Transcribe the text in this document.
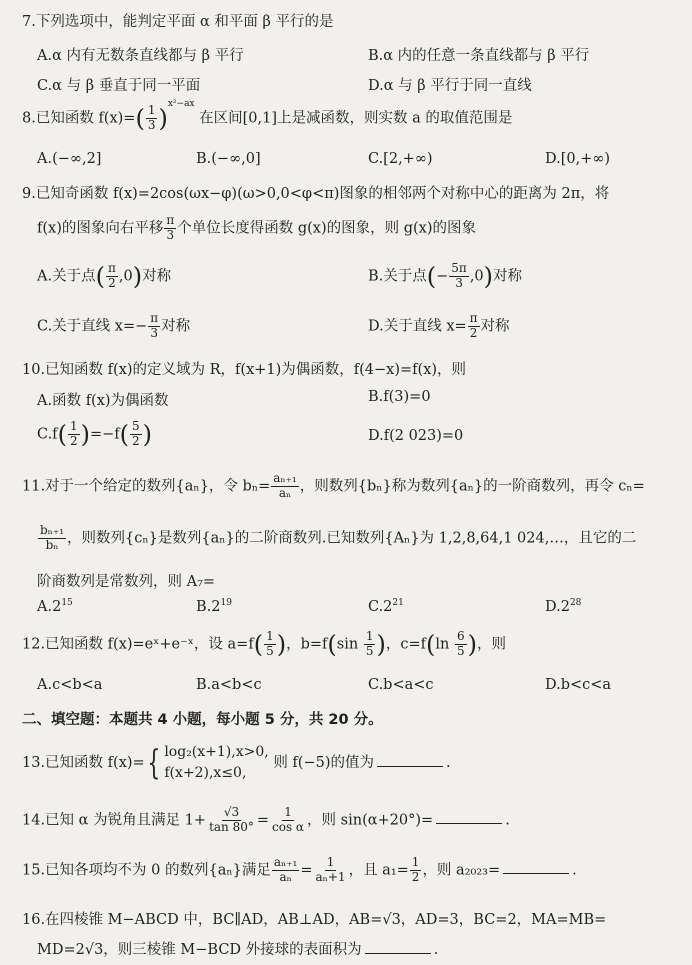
7.下列选项中，能判定平面 α 和平面 β 平行的是
A.α 内有无数条直线都与 β 平行	B.α 内的任意一条直线都与 β 平行
C.α 与 β 垂直于同一平面	D.α 与 β 平行于同一直线
8.已知函数 $f(x)=( \frac{1}{3} )^{x^2-ax}$ 在区间[0,1]上是减函数，则实数 a 的取值范围是
A.(−∞,2]	B.(−∞,0]	C.[2,+∞)	D.[0,+∞)
9.已知奇函数 f(x)=2cos(ωx−φ)(ω>0,0<φ<π)图象的相邻两个对称中心的距离为 2π，将
f(x)的图象向右平移 $\frac{\pi}{3}$ 个单位长度得函数 g(x)的图象，则 g(x)的图象
A.关于点( $\frac{\pi}{2} ,0$)对称	B.关于点(− $\frac{5\pi}{3} ,0$)对称
C.关于直线 $x=- \frac{\pi}{3}$ 对称	D.关于直线 $x= \frac{\pi}{2}$ 对称
10.已知函数 f(x)的定义域为 R，f(x+1)为偶函数，f(4−x)=f(x)，则
A.函数 f(x)为偶函数	B.f(3)=0
$C.f( \frac{1}{2} )=-f( \frac{5}{2}$ )	D.f(2 023)=0
11.对于一个给定的数列{aₙ}，令 $b_n= \frac{\text{aₙ₊₁}}{\text{aₙ}}$ ，则数列{bₙ}称为数列{aₙ}的一阶商数列，再令 cₙ=
$\frac{\text{bₙ₊₁}}{\text{bₙ}}$ ，则数列{cₙ}是数列{aₙ}的二阶商数列.已知数列{Aₙ}为 1,2,8,64,1 024,…，且它的二
阶商数列是常数列，则 A₇=
$A.2^{15}$	$B.2^{19}$	$C.2^{21}$	$D.2^{28}$
12.已知函数 f(x)=eˣ+e⁻ˣ，设 $a=f( \frac{1}{5}$ )，$b=f(\sin \frac{1}{5}$ )，$c=f(\ln \frac{6}{5}$ )，则
A.c<b<a	B.a<b<c	C.b<a<c	D.b<c<a
二、填空题：本题共 4 小题，每小题 5 分，共 20 分。
13.已知函数 f(x)={ log₂(x+1),x>0,
f(x+2),x≤0,
则 f(−5)的值为	.
14.已知 α 为锐角且满足 $1+ \frac{√3}{\tan 80^\circ} = \frac{1}{\text{cos α}}$ ，则 sin(α+20°)=	.
15.已知各项均不为 0 的数列{aₙ}满足 $\frac{\text{aₙ₊₁}}{\text{aₙ}} = \frac{1}{\text{aₙ+1}}$ ，且 $a_1= \frac{1}{2}$ ，则 a₂₀₂₃=	.
16.在四棱锥 M−ABCD 中，BC∥AD，AB⊥AD，AB=√3，AD=3，BC=2，MA=MB=
MD=2√3，则三棱锥 M−BCD 外接球的表面积为	.
